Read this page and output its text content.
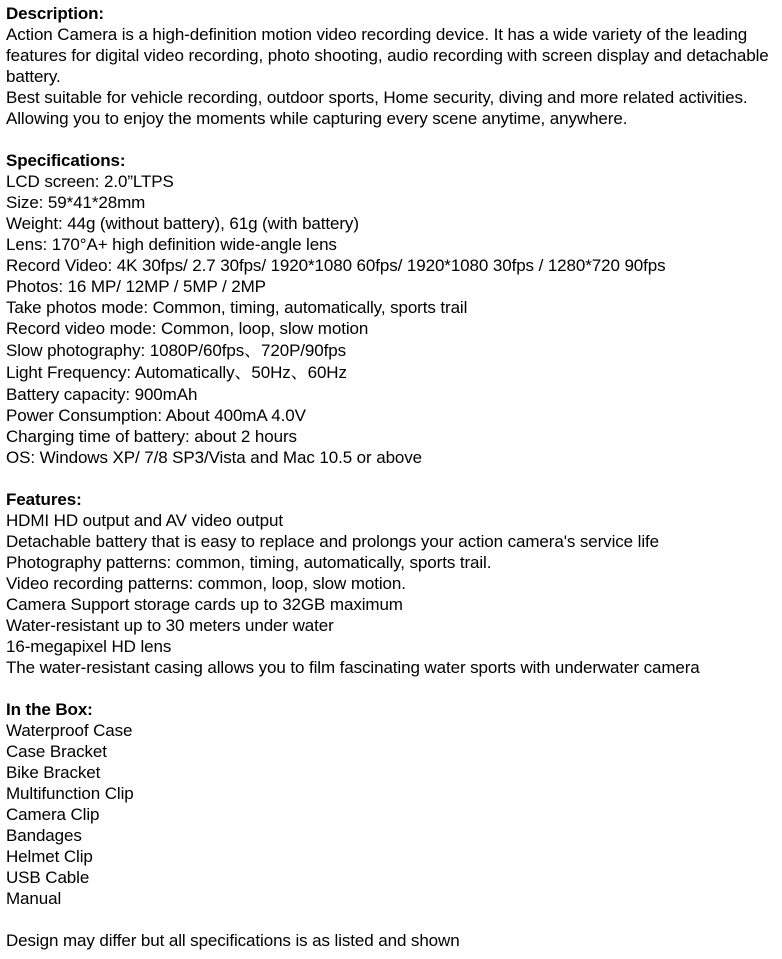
Description:
Action Camera is a high-definition motion video recording device. It has a wide variety of the leading features for digital video recording, photo shooting, audio recording with screen display and detachable battery.
Best suitable for vehicle recording, outdoor sports, Home security, diving and more related activities. Allowing you to enjoy the moments while capturing every scene anytime, anywhere.
Specifications:
LCD screen: 2.0”LTPS
Size: 59*41*28mm
Weight: 44g (without battery), 61g (with battery)
Lens: 170°A+ high definition wide-angle lens
Record Video: 4K 30fps/ 2.7 30fps/ 1920*1080 60fps/ 1920*1080 30fps / 1280*720 90fps
Photos: 16 MP/ 12MP / 5MP / 2MP
Take photos mode: Common, timing, automatically, sports trail
Record video mode: Common, loop, slow motion
Slow photography: 1080P/60fps、720P/90fps
Light Frequency: Automatically、50Hz、60Hz
Battery capacity: 900mAh
Power Consumption: About 400mA 4.0V
Charging time of battery: about 2 hours
OS: Windows XP/ 7/8 SP3/Vista and Mac 10.5 or above
Features:
HDMI HD output and AV video output
Detachable battery that is easy to replace and prolongs your action camera's service life
Photography patterns: common, timing, automatically, sports trail.
Video recording patterns: common, loop, slow motion.
Camera Support storage cards up to 32GB maximum
Water-resistant up to 30 meters under water
16-megapixel HD lens
The water-resistant casing allows you to film fascinating water sports with underwater camera
In the Box:
Waterproof Case
Case Bracket
Bike Bracket
Multifunction Clip
Camera Clip
Bandages
Helmet Clip
USB Cable
Manual
Design may differ but all specifications is as listed and shown
